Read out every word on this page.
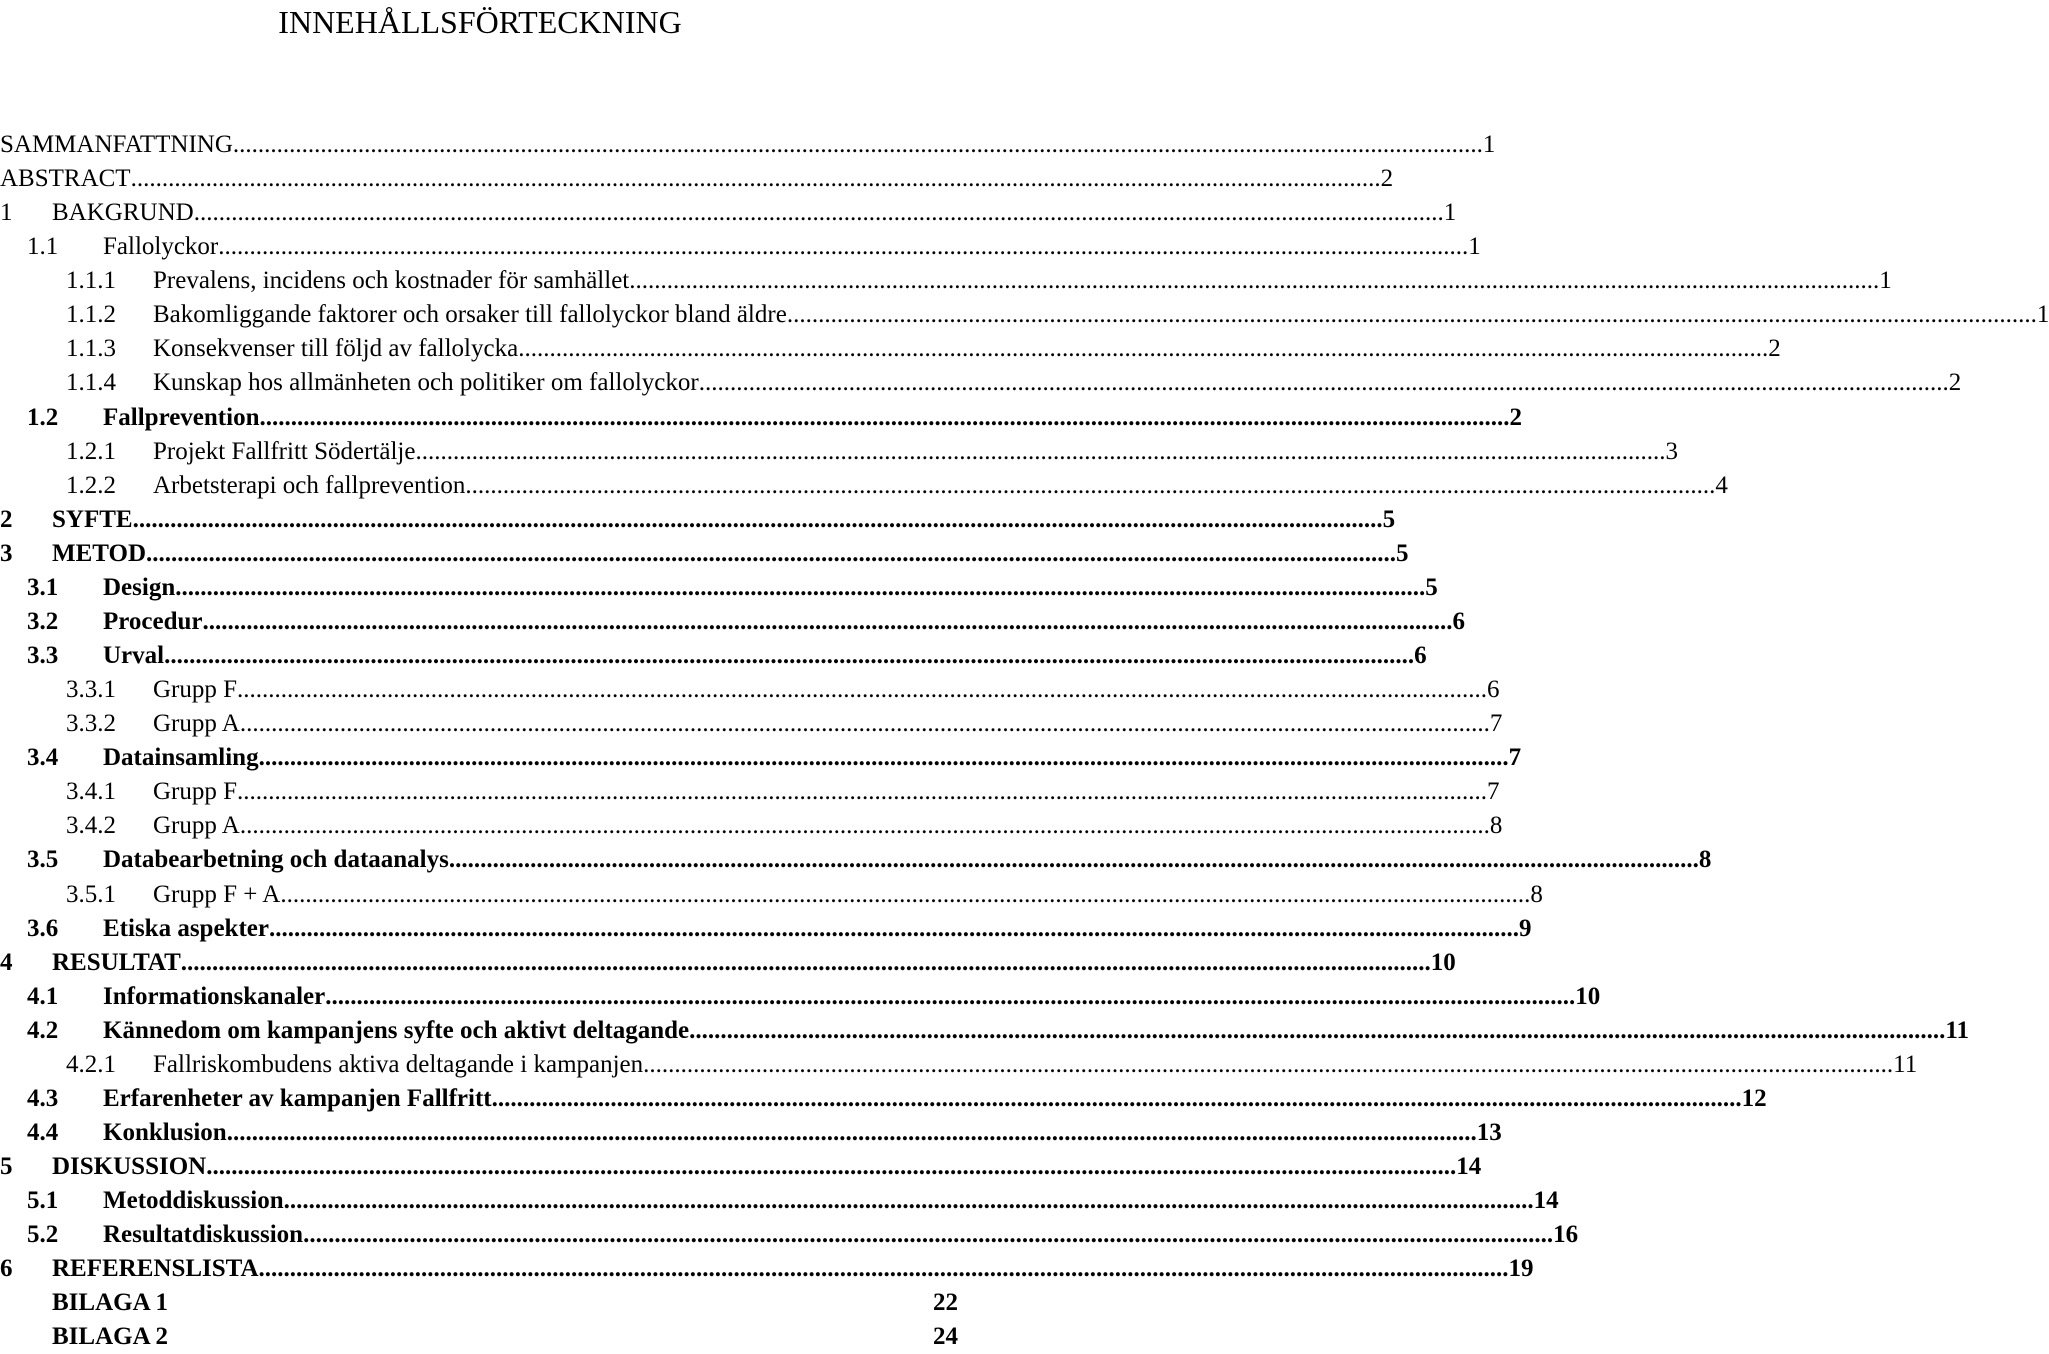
INNEHÅLLSFÖRTECKNING
SAMMANFATTNING ........................................................................................................................................................................................................ 1
ABSTRACT ........................................................................................................................................................................................................ 2
1 BAKGRUND ........................................................................................................................................................................................................ 1
1.1 Fallolyckor ........................................................................................................................................................................................................ 1
1.1.1 Prevalens, incidens och kostnader för samhället ........................................................................................................................................................................................................ 1
1.1.2 Bakomliggande faktorer och orsaker till fallolyckor bland äldre ........................................................................................................................................................................................................ 1
1.1.3 Konsekvenser till följd av fallolycka ........................................................................................................................................................................................................ 2
1.1.4 Kunskap hos allmänheten och politiker om fallolyckor ........................................................................................................................................................................................................ 2
1.2 Fallprevention ........................................................................................................................................................................................................ 2
1.2.1 Projekt Fallfritt Södertälje ........................................................................................................................................................................................................ 3
1.2.2 Arbetsterapi och fallprevention ........................................................................................................................................................................................................ 4
2 SYFTE ........................................................................................................................................................................................................ 5
3 METOD ........................................................................................................................................................................................................ 5
3.1 Design ........................................................................................................................................................................................................ 5
3.2 Procedur ........................................................................................................................................................................................................ 6
3.3 Urval ........................................................................................................................................................................................................ 6
3.3.1 Grupp F ........................................................................................................................................................................................................ 6
3.3.2 Grupp A ........................................................................................................................................................................................................ 7
3.4 Datainsamling ........................................................................................................................................................................................................ 7
3.4.1 Grupp F ........................................................................................................................................................................................................ 7
3.4.2 Grupp A ........................................................................................................................................................................................................ 8
3.5 Databearbetning och dataanalys ........................................................................................................................................................................................................ 8
3.5.1 Grupp F + A ........................................................................................................................................................................................................ 8
3.6 Etiska aspekter ........................................................................................................................................................................................................ 9
4 RESULTAT ........................................................................................................................................................................................................ 10
4.1 Informationskanaler ........................................................................................................................................................................................................ 10
4.2 Kännedom om kampanjens syfte och aktivt deltagande. ........................................................................................................................................................................................................ 11
4.2.1 Fallriskombudens aktiva deltagande i kampanjen ........................................................................................................................................................................................................ 11
4.3 Erfarenheter av kampanjen Fallfritt ........................................................................................................................................................................................................ 12
4.4 Konklusion ........................................................................................................................................................................................................ 13
5 DISKUSSION ........................................................................................................................................................................................................ 14
5.1 Metoddiskussion ........................................................................................................................................................................................................ 14
5.2 Resultatdiskussion ........................................................................................................................................................................................................ 16
6 REFERENSLISTA ........................................................................................................................................................................................................ 19
BILAGA 1	22
BILAGA 2	24
